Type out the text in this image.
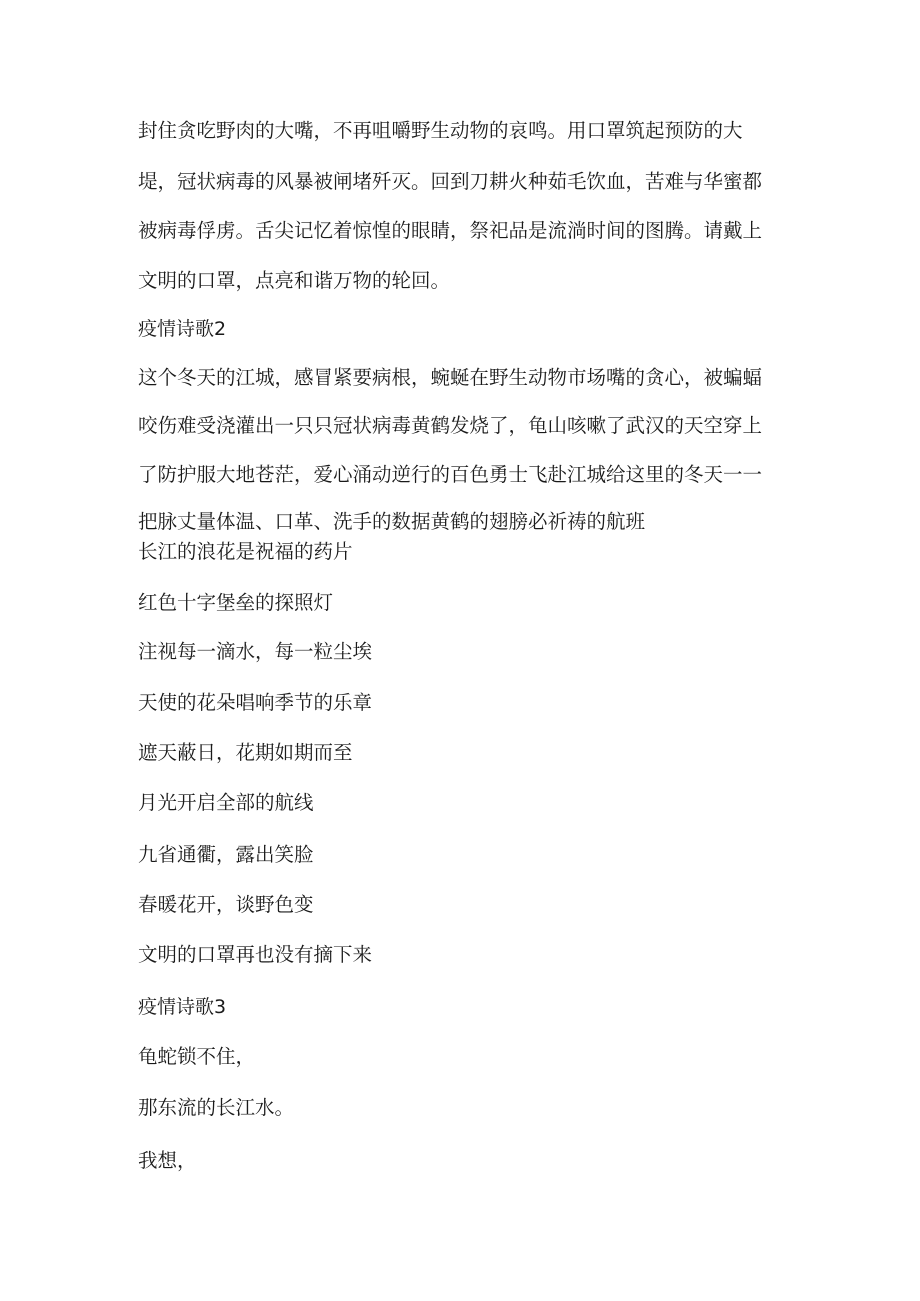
封住贪吃野肉的大嘴，不再咀嚼野生动物的哀鸣。用口罩筑起预防的大
堤，冠状病毒的风暴被闸堵歼灭。回到刀耕火种茹毛饮血，苦难与华蜜都
被病毒俘虏。舌尖记忆着惊惶的眼睛，祭祀品是流淌时间的图腾。请戴上
文明的口罩，点亮和谐万物的轮回。
疫情诗歌2
这个冬天的江城，感冒紧要病根，蜿蜒在野生动物市场嘴的贪心，被蝙蝠
咬伤难受浇灌出一只只冠状病毒黄鹤发烧了，龟山咳嗽了武汉的天空穿上
了防护服大地苍茫，爱心涌动逆行的百色勇士飞赴江城给这里的冬天一一
把脉丈量体温、口革、洗手的数据黄鹤的翅膀必祈祷的航班
长江的浪花是祝福的药片
红色十字堡垒的探照灯
注视每一滴水，每一粒尘埃
天使的花朵唱响季节的乐章
遮天蔽日，花期如期而至
月光开启全部的航线
九省通衢，露出笑脸
春暖花开，谈野色变
文明的口罩再也没有摘下来
疫情诗歌3
龟蛇锁不住，
那东流的长江水。
我想，
